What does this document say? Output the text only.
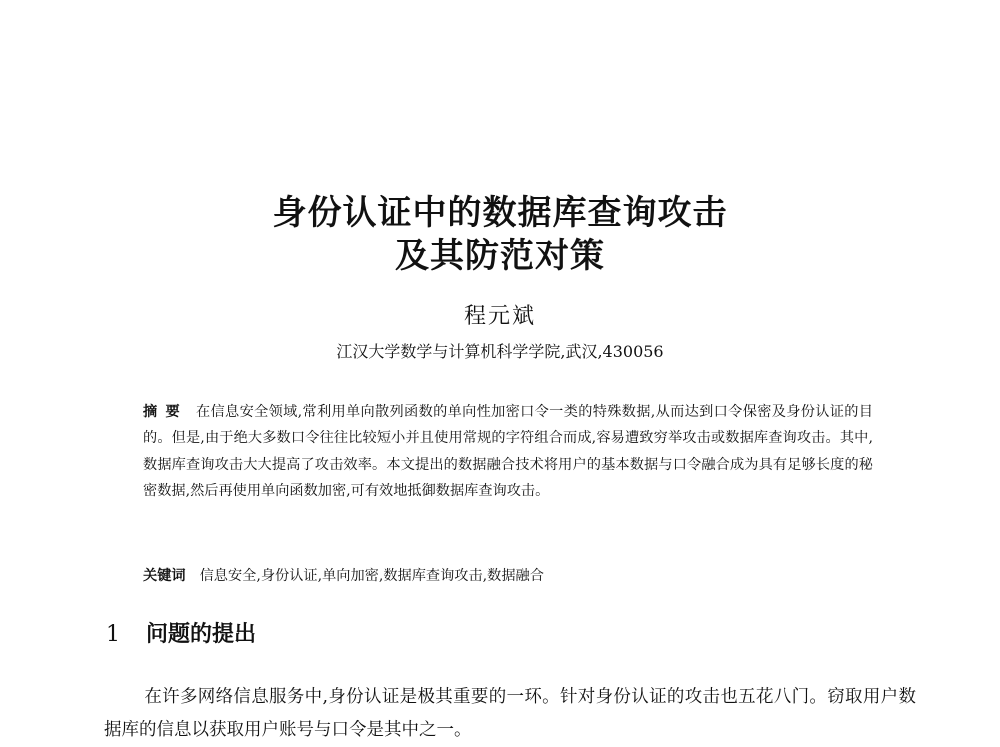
身份认证中的数据库查询攻击
及其防范对策
程元斌
江汉大学数学与计算机科学学院,武汉,430056
摘要 在信息安全领域,常利用单向散列函数的单向性加密口令一类的特殊数据,从而达到口令保密及身份认证的目的。但是,由于绝大多数口令往往比较短小并且使用常规的字符组合而成,容易遭致穷举攻击或数据库查询攻击。其中,数据库查询攻击大大提高了攻击效率。本文提出的数据融合技术将用户的基本数据与口令融合成为具有足够长度的秘密数据,然后再使用单向函数加密,可有效地抵御数据库查询攻击。
关键词 信息安全,身份认证,单向加密,数据库查询攻击,数据融合
1 问题的提出
在许多网络信息服务中,身份认证是极其重要的一环。针对身份认证的攻击也五花八门。窃取用户数据库的信息以获取用户账号与口令是其中之一。
